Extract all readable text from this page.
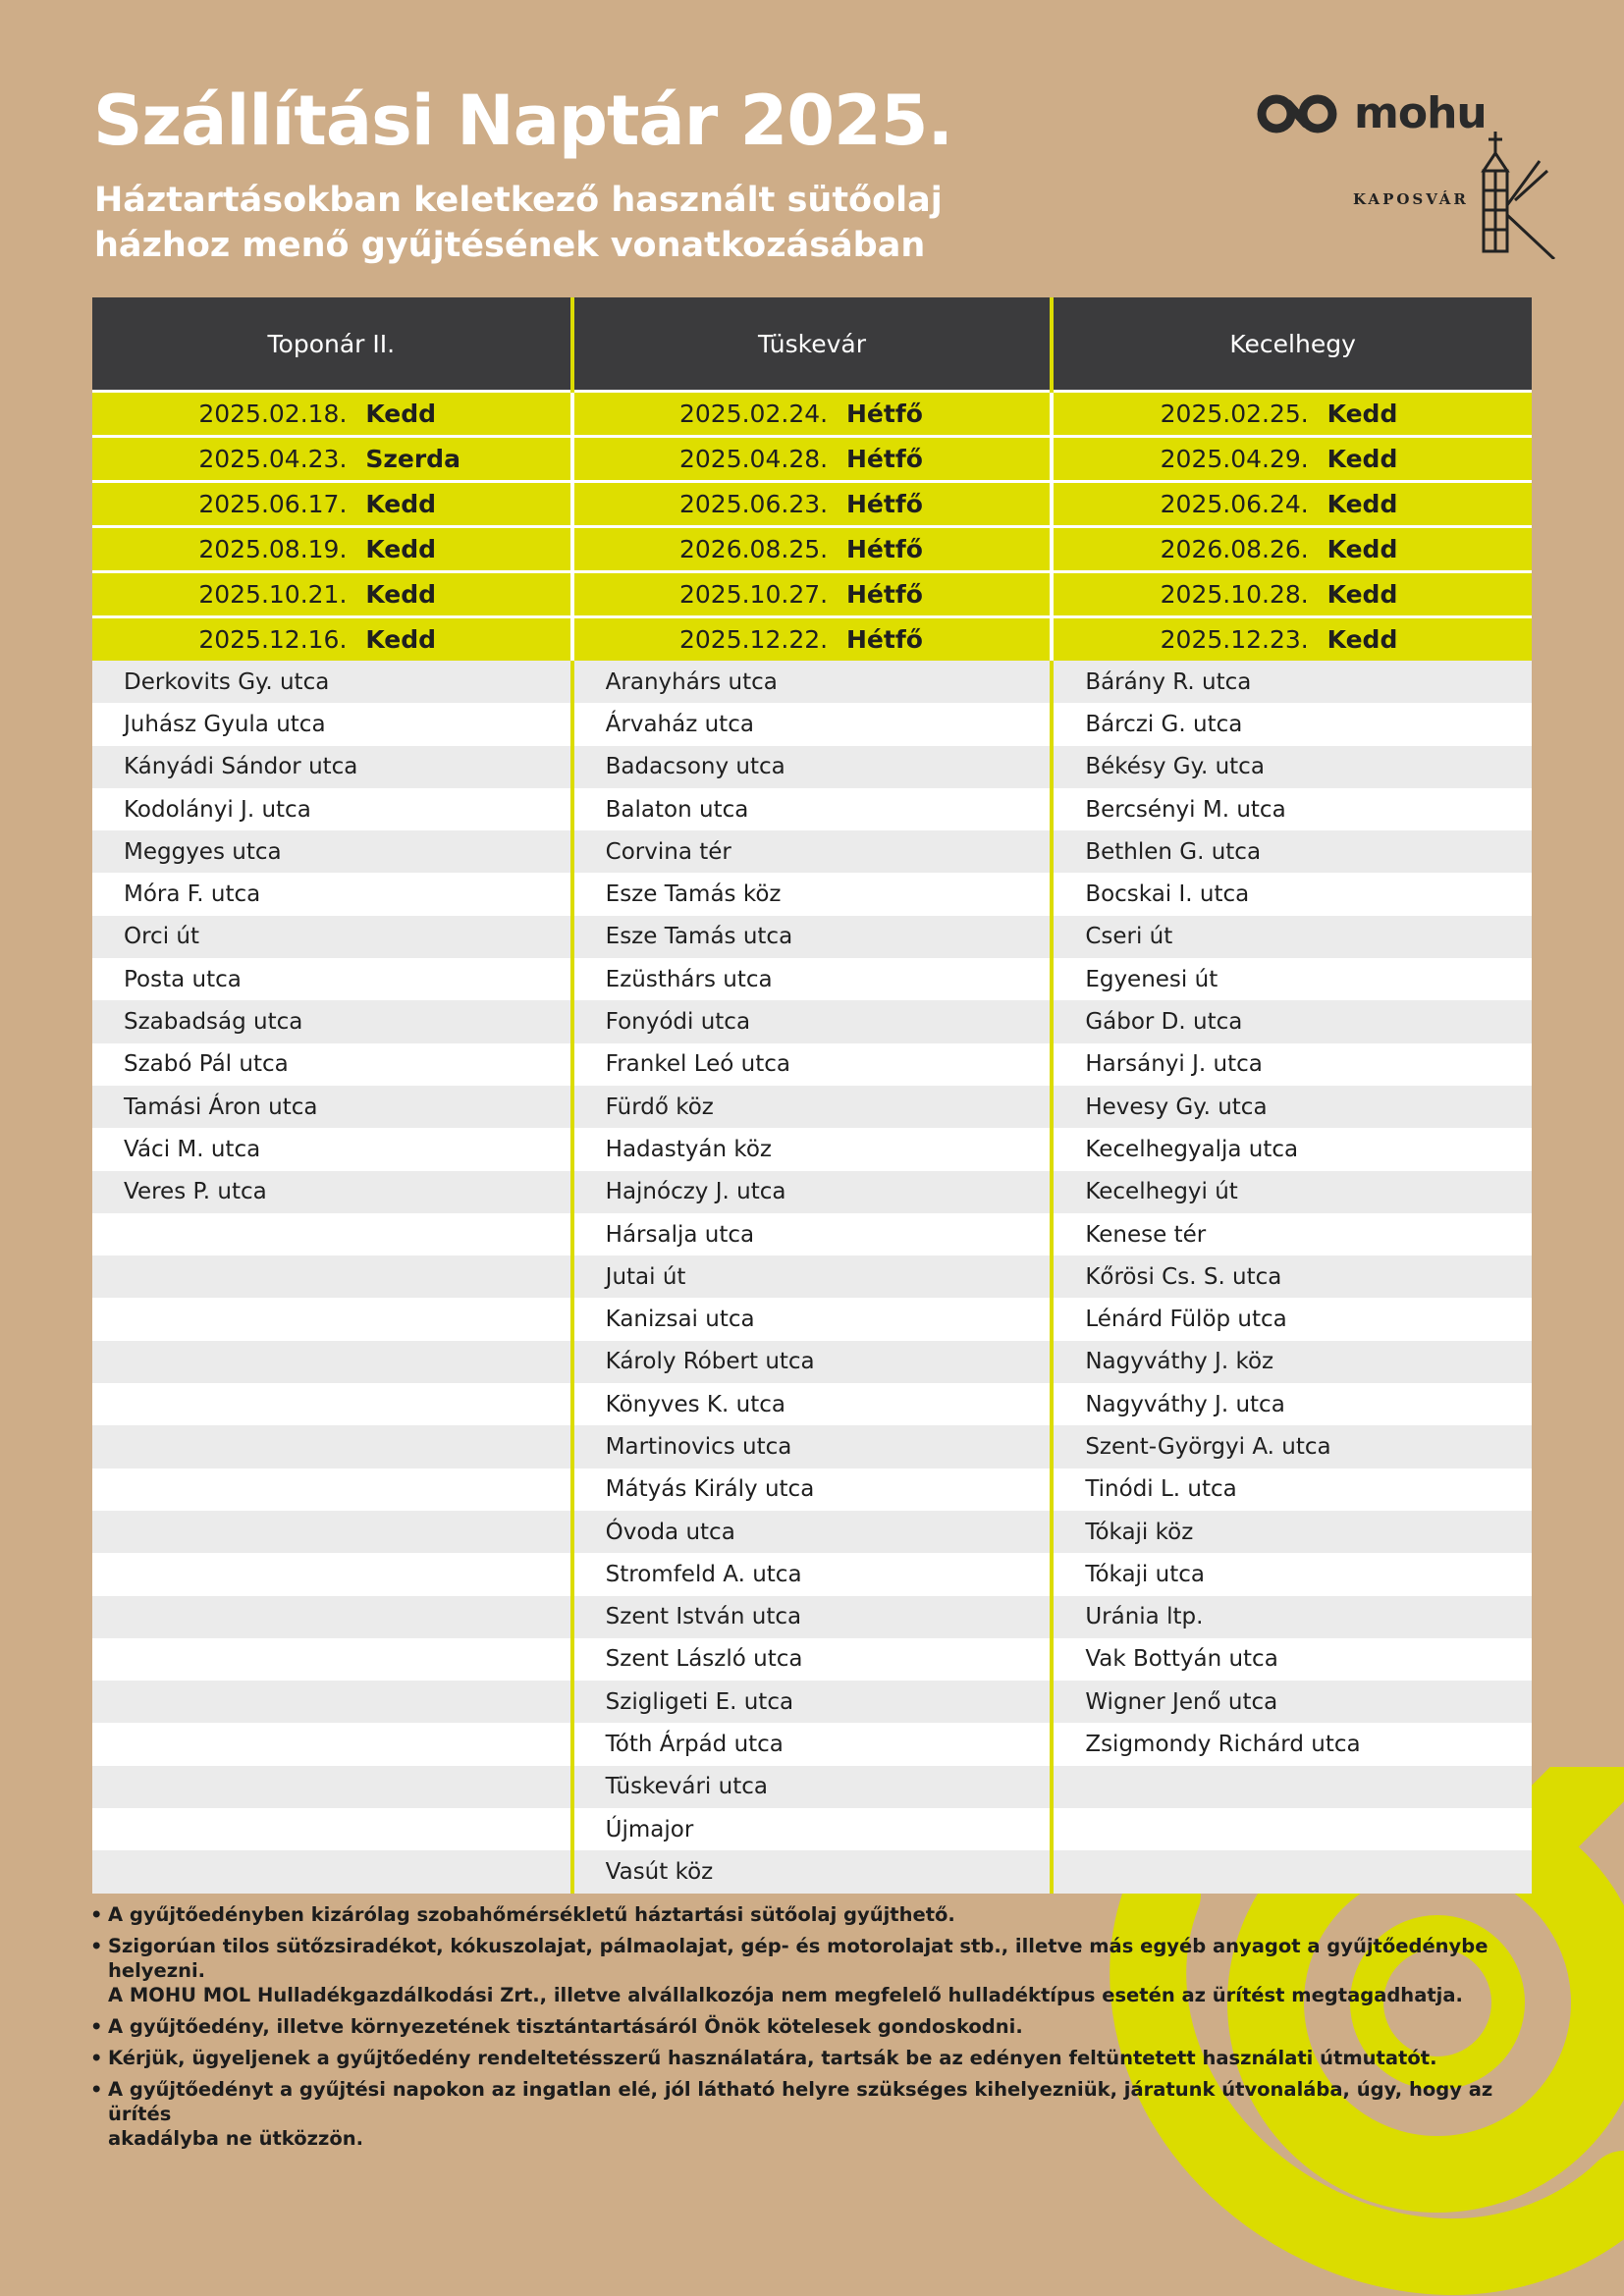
Szállítási Naptár 2025.
Háztartásokban keletkező használt sütőolaj
házhoz menő gyűjtésének vonatkozásában
mohu
KAPOSVÁR
Toponár II.	Tüskevár	Kecelhegy
2025.02.18. Kedd	2025.02.24. Hétfő	2025.02.25. Kedd
2025.04.23. Szerda	2025.04.28. Hétfő	2025.04.29. Kedd
2025.06.17. Kedd	2025.06.23. Hétfő	2025.06.24. Kedd
2025.08.19. Kedd	2026.08.25. Hétfő	2026.08.26. Kedd
2025.10.21. Kedd	2025.10.27. Hétfő	2025.10.28. Kedd
2025.12.16. Kedd	2025.12.22. Hétfő	2025.12.23. Kedd
Derkovits Gy. utca	Aranyhárs utca	Bárány R. utca
Juhász Gyula utca	Árvaház utca	Bárczi G. utca
Kányádi Sándor utca	Badacsony utca	Békésy Gy. utca
Kodolányi J. utca	Balaton utca	Bercsényi M. utca
Meggyes utca	Corvina tér	Bethlen G. utca
Móra F. utca	Esze Tamás köz	Bocskai I. utca
Orci út	Esze Tamás utca	Cseri út
Posta utca	Ezüsthárs utca	Egyenesi út
Szabadság utca	Fonyódi utca	Gábor D. utca
Szabó Pál utca	Frankel Leó utca	Harsányi J. utca
Tamási Áron utca	Fürdő köz	Hevesy Gy. utca
Váci M. utca	Hadastyán köz	Kecelhegyalja utca
Veres P. utca	Hajnóczy J. utca	Kecelhegyi út
	Hársalja utca	Kenese tér
	Jutai út	Kőrösi Cs. S. utca
	Kanizsai utca	Lénárd Fülöp utca
	Károly Róbert utca	Nagyváthy J. köz
	Könyves K. utca	Nagyváthy J. utca
	Martinovics utca	Szent-Györgyi A. utca
	Mátyás Király utca	Tinódi L. utca
	Óvoda utca	Tókaji köz
	Stromfeld A. utca	Tókaji utca
	Szent István utca	Uránia ltp.
	Szent László utca	Vak Bottyán utca
	Szigligeti E. utca	Wigner Jenő utca
	Tóth Árpád utca	Zsigmondy Richárd utca
	Tüskevári utca	
	Újmajor	
	Vasút köz	
• A gyűjtőedényben kizárólag szobahőmérsékletű háztartási sütőolaj gyűjthető.
• Szigorúan tilos sütőzsiradékot, kókuszolajat, pálmaolajat, gép- és motorolajat stb., illetve más egyéb anyagot a gyűjtőedénybe helyezni.
A MOHU MOL Hulladékgazdálkodási Zrt., illetve alvállalkozója nem megfelelő hulladéktípus esetén az ürítést megtagadhatja.
• A gyűjtőedény, illetve környezetének tisztántartásáról Önök kötelesek gondoskodni.
• Kérjük, ügyeljenek a gyűjtőedény rendeltetésszerű használatára, tartsák be az edényen feltüntetett használati útmutatót.
• A gyűjtőedényt a gyűjtési napokon az ingatlan elé, jól látható helyre szükséges kihelyezniük, járatunk útvonalába, úgy, hogy az ürítés
akadályba ne ütközzön.
